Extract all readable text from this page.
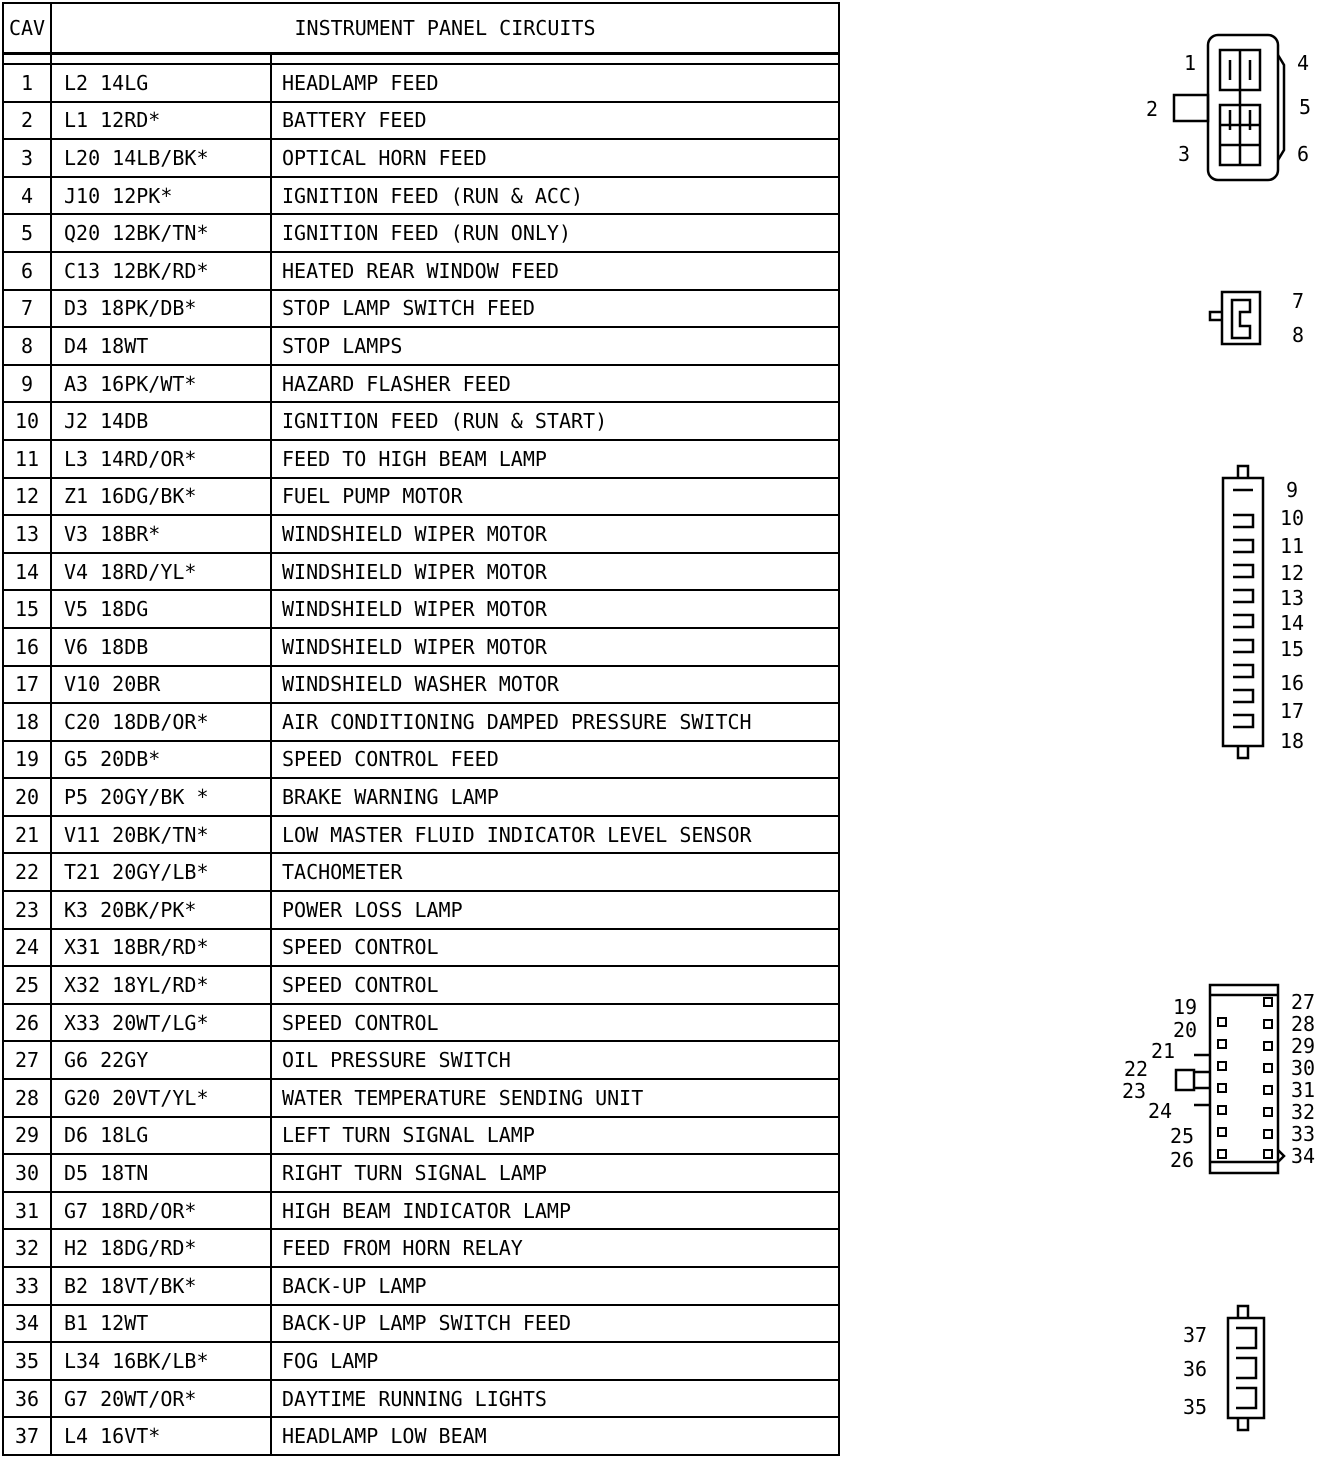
CAV	INSTRUMENT PANEL CIRCUITS	

1	L2 14LG	HEADLAMP FEED
2	L1 12RD*	BATTERY FEED
3	L20 14LB/BK*	OPTICAL HORN FEED
4	J10 12PK*	IGNITION FEED (RUN & ACC)
5	Q20 12BK/TN*	IGNITION FEED (RUN ONLY)
6	C13 12BK/RD*	HEATED REAR WINDOW FEED
7	D3 18PK/DB*	STOP LAMP SWITCH FEED
8	D4 18WT	STOP LAMPS
9	A3 16PK/WT*	HAZARD FLASHER FEED
10	J2 14DB	IGNITION FEED (RUN & START)
11	L3 14RD/OR*	FEED TO HIGH BEAM LAMP
12	Z1 16DG/BK*	FUEL PUMP MOTOR
13	V3 18BR*	WINDSHIELD WIPER MOTOR
14	V4 18RD/YL*	WINDSHIELD WIPER MOTOR
15	V5 18DG	WINDSHIELD WIPER MOTOR
16	V6 18DB	WINDSHIELD WIPER MOTOR
17	V10 20BR	WINDSHIELD WASHER MOTOR
18	C20 18DB/OR*	AIR CONDITIONING DAMPED PRESSURE SWITCH
19	G5 20DB*	SPEED CONTROL FEED
20	P5 20GY/BK *	BRAKE WARNING LAMP
21	V11 20BK/TN*	LOW MASTER FLUID INDICATOR LEVEL SENSOR
22	T21 20GY/LB*	TACHOMETER
23	K3 20BK/PK*	POWER LOSS LAMP
24	X31 18BR/RD*	SPEED CONTROL
25	X32 18YL/RD*	SPEED CONTROL
26	X33 20WT/LG*	SPEED CONTROL
27	G6 22GY	OIL PRESSURE SWITCH
28	G20 20VT/YL*	WATER TEMPERATURE SENDING UNIT
29	D6 18LG	LEFT TURN SIGNAL LAMP
30	D5 18TN	RIGHT TURN SIGNAL LAMP
31	G7 18RD/OR*	HIGH BEAM INDICATOR LAMP
32	H2 18DG/RD*	FEED FROM HORN RELAY
33	B2 18VT/BK*	BACK-UP LAMP
34	B1 12WT	BACK-UP LAMP SWITCH FEED
35	L34 16BK/LB*	FOG LAMP
36	G7 20WT/OR*	DAYTIME RUNNING LIGHTS
37	L4 16VT*	HEADLAMP LOW BEAM
1
2
3
4
5
6
7
8
9
10
11
12
13
14
15
16
17
18
19
20
21
22
23
24
25
26
27
28
29
30
31
32
33
34
37
36
35
